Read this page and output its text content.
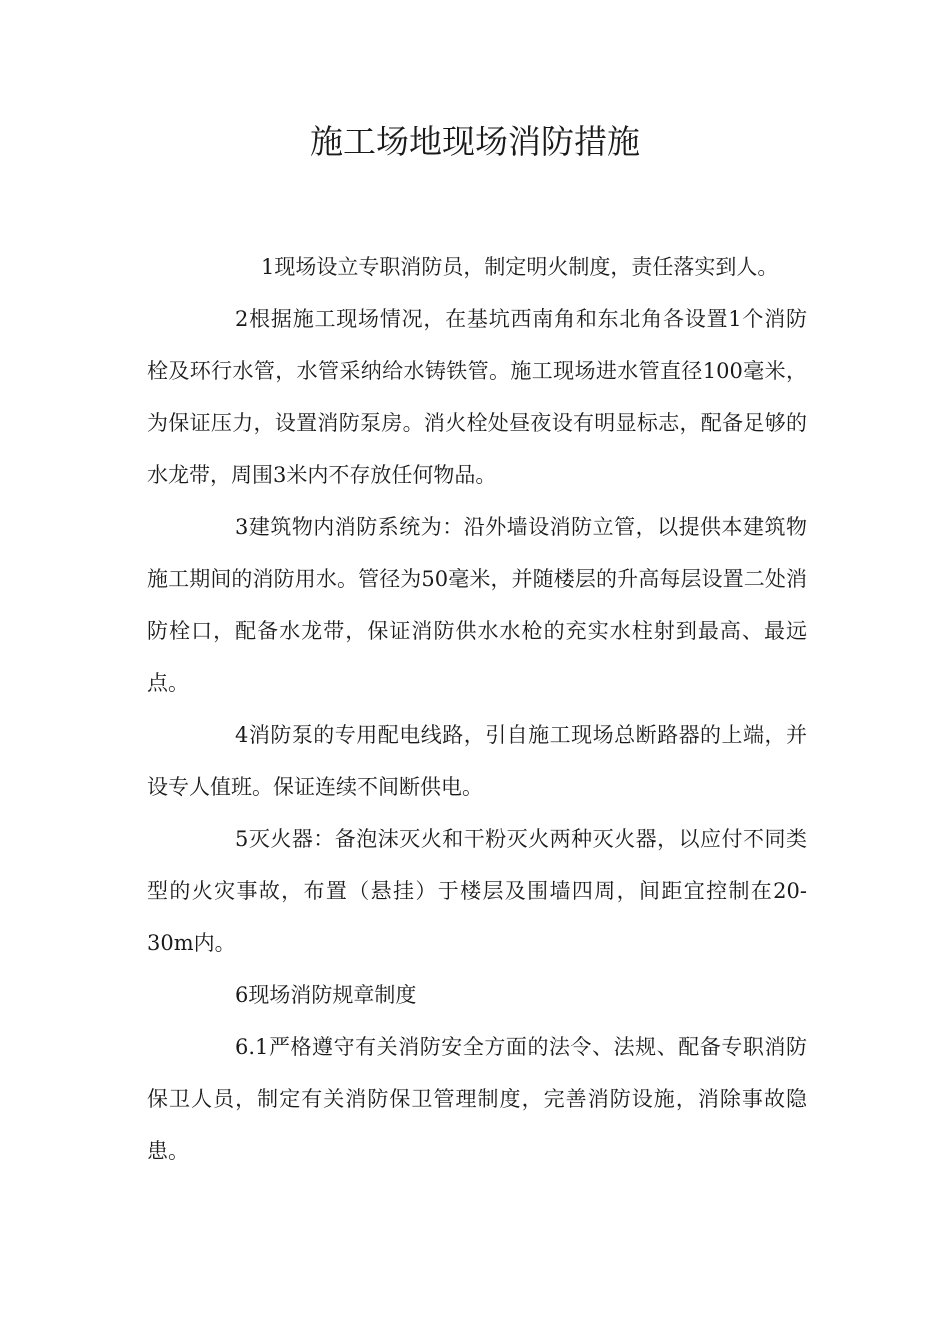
施工场地现场消防措施

1现场设立专职消防员，制定明火制度，责任落实到人。

2根据施工现场情况，在基坑西南角和东北角各设置1个消防栓及环行水管，水管采纳给水铸铁管。施工现场进水管直径100毫米，为保证压力，设置消防泵房。消火栓处昼夜设有明显标志，配备足够的水龙带，周围3米内不存放任何物品。

3建筑物内消防系统为：沿外墙设消防立管，以提供本建筑物施工期间的消防用水。管径为50毫米，并随楼层的升高每层设置二处消防栓口，配备水龙带，保证消防供水水枪的充实水柱射到最高、最远点。

4消防泵的专用配电线路，引自施工现场总断路器的上端，并设专人值班。保证连续不间断供电。

5灭火器：备泡沫灭火和干粉灭火两种灭火器，以应付不同类型的火灾事故，布置（悬挂）于楼层及围墙四周，间距宜控制在20-30m内。

6现场消防规章制度

6.1严格遵守有关消防安全方面的法令、法规、配备专职消防保卫人员，制定有关消防保卫管理制度，完善消防设施，消除事故隐患。
